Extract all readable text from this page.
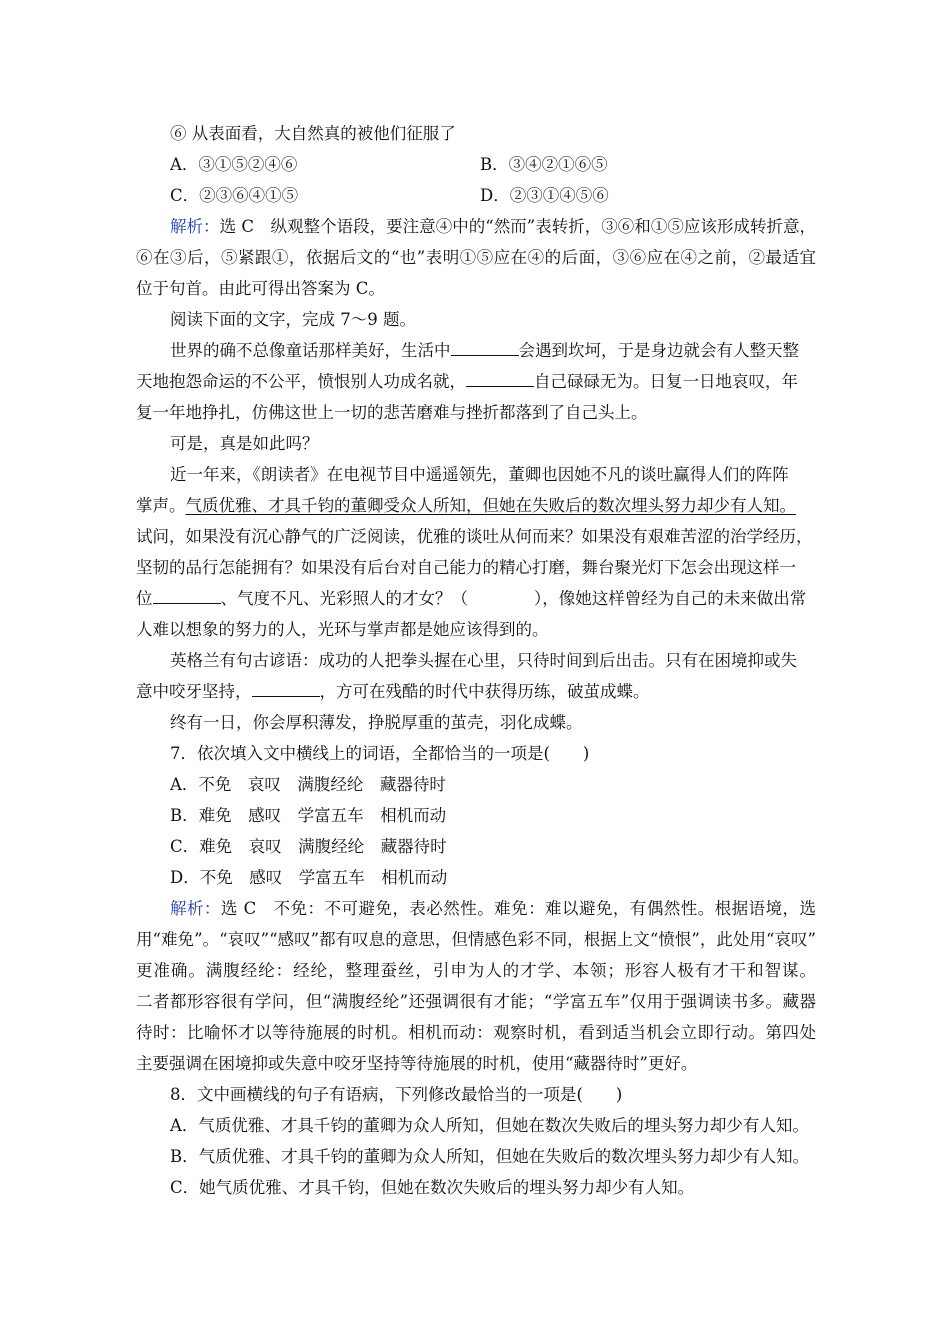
⑥ 从表面看，大自然真的被他们征服了
A．③①⑤②④⑥	B．③④②①⑥⑤
C．②③⑥④①⑤	D．②③①④⑤⑥
解析：选 C　纵观整个语段，要注意④中的“然而”表转折，③⑥和①⑤应该形成转折意，
⑥在③后，⑤紧跟①，依据后文的“也”表明①⑤应在④的后面，③⑥应在④之前，②最适宜
位于句首。由此可得出答案为 C。
阅读下面的文字，完成 7～9 题。
世界的确不总像童话那样美好，生活中	会遇到坎坷，于是身边就会有人整天整
天地抱怨命运的不公平，愤恨别人功成名就，	自己碌碌无为。日复一日地哀叹，年
复一年地挣扎，仿佛这世上一切的悲苦磨难与挫折都落到了自己头上。
可是，真是如此吗？
近一年来，《朗读者》在电视节目中遥遥领先，董卿也因她不凡的谈吐赢得人们的阵阵
掌声。气质优雅、才具千钧的董卿受众人所知，但她在失败后的数次埋头努力却少有人知。
试问，如果没有沉心静气的广泛阅读，优雅的谈吐从何而来？如果没有艰难苦涩的治学经历，
坚韧的品行怎能拥有？如果没有后台对自己能力的精心打磨，舞台聚光灯下怎会出现这样一
位	、气度不凡、光彩照人的才女？（	），像她这样曾经为自己的未来做出常
人难以想象的努力的人，光环与掌声都是她应该得到的。
英格兰有句古谚语：成功的人把拳头握在心里，只待时间到后出击。只有在困境抑或失
意中咬牙坚持，	，方可在残酷的时代中获得历练，破茧成蝶。
终有一日，你会厚积薄发，挣脱厚重的茧壳，羽化成蝶。
7．依次填入文中横线上的词语，全都恰当的一项是(　　)
A．不免　哀叹　满腹经纶　藏器待时
B．难免　感叹　学富五车　相机而动
C．难免　哀叹　满腹经纶　藏器待时
D．不免　感叹　学富五车　相机而动
解析：选 C　不免：不可避免，表必然性。难免：难以避免，有偶然性。根据语境，选
用“难免”。“哀叹”“感叹”都有叹息的意思，但情感色彩不同，根据上文“愤恨”，此处用“哀叹”
更准确。满腹经纶：经纶，整理蚕丝，引申为人的才学、本领；形容人极有才干和智谋。
二者都形容很有学问，但“满腹经纶”还强调很有才能；“学富五车”仅用于强调读书多。藏器
待时：比喻怀才以等待施展的时机。相机而动：观察时机，看到适当机会立即行动。第四处
主要强调在困境抑或失意中咬牙坚持等待施展的时机，使用“藏器待时”更好。
8．文中画横线的句子有语病，下列修改最恰当的一项是(　　)
A．气质优雅、才具千钧的董卿为众人所知，但她在数次失败后的埋头努力却少有人知。
B．气质优雅、才具千钧的董卿为众人所知，但她在失败后的数次埋头努力却少有人知。
C．她气质优雅、才具千钧，但她在数次失败后的埋头努力却少有人知。
